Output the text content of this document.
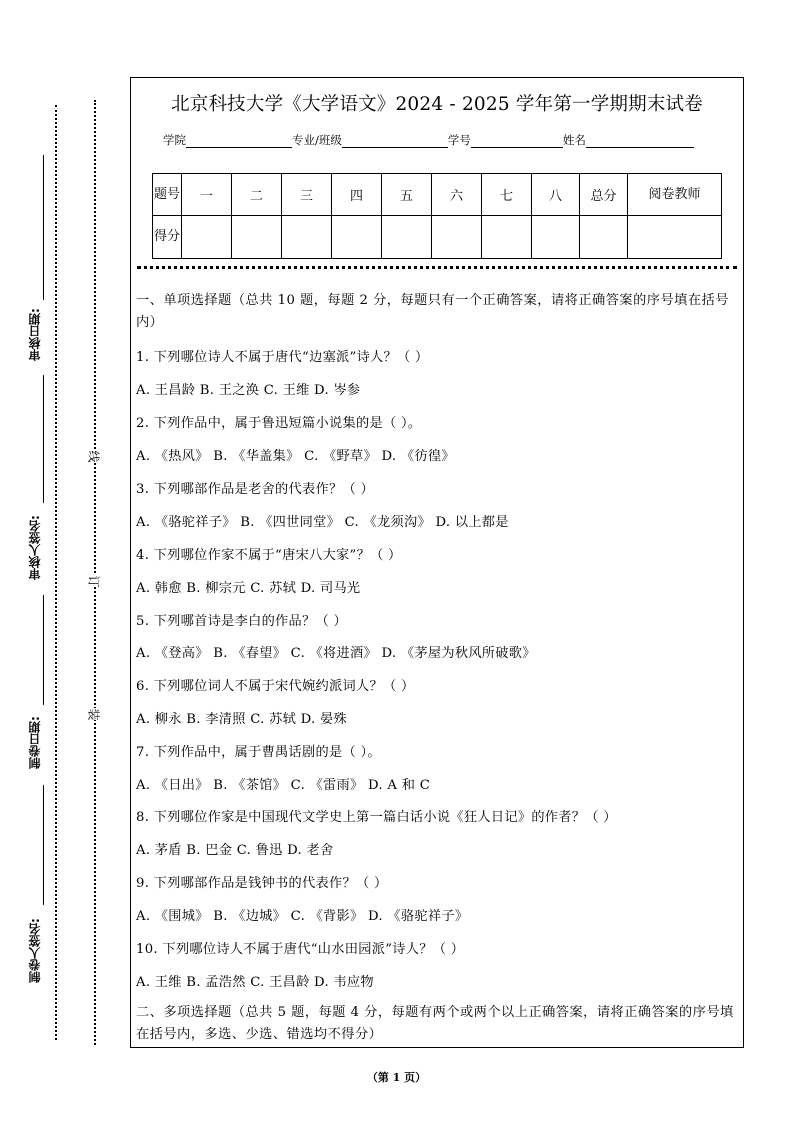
审核日期:
审核人签名:
制卷日期:
制卷人签名:
线
订
装
北京科技大学《大学语文》2024 - 2025 学年第一学期期末试卷
学院	专业/班级	学号	姓名
题号	一	二	三	四	五	六	七	八	总分	阅卷教师
得分										
一、单项选择题（总共 10 题，每题 2 分，每题只有一个正确答案，请将正确答案的序号填在括号内）
1. 下列哪位诗人不属于唐代“边塞派”诗人？（ ）
A. 王昌龄 B. 王之涣 C. 王维 D. 岑参
2. 下列作品中，属于鲁迅短篇小说集的是（ ）。
A. 《热风》 B. 《华盖集》 C. 《野草》 D. 《彷徨》
3. 下列哪部作品是老舍的代表作？（ ）
A. 《骆驼祥子》 B. 《四世同堂》 C. 《龙须沟》 D. 以上都是
4. 下列哪位作家不属于“唐宋八大家”？（ ）
A. 韩愈 B. 柳宗元 C. 苏轼 D. 司马光
5. 下列哪首诗是李白的作品？（ ）
A. 《登高》 B. 《春望》 C. 《将进酒》 D. 《茅屋为秋风所破歌》
6. 下列哪位词人不属于宋代婉约派词人？（ ）
A. 柳永 B. 李清照 C. 苏轼 D. 晏殊
7. 下列作品中，属于曹禺话剧的是（ ）。
A. 《日出》 B. 《茶馆》 C. 《雷雨》 D. A 和 C
8. 下列哪位作家是中国现代文学史上第一篇白话小说《狂人日记》的作者？（ ）
A. 茅盾 B. 巴金 C. 鲁迅 D. 老舍
9. 下列哪部作品是钱钟书的代表作？（ ）
A. 《围城》 B. 《边城》 C. 《背影》 D. 《骆驼祥子》
10. 下列哪位诗人不属于唐代“山水田园派”诗人？（ ）
A. 王维 B. 孟浩然 C. 王昌龄 D. 韦应物
二、多项选择题（总共 5 题，每题 4 分，每题有两个或两个以上正确答案，请将正确答案的序号填在括号内，多选、少选、错选均不得分）
（第 1 页）
